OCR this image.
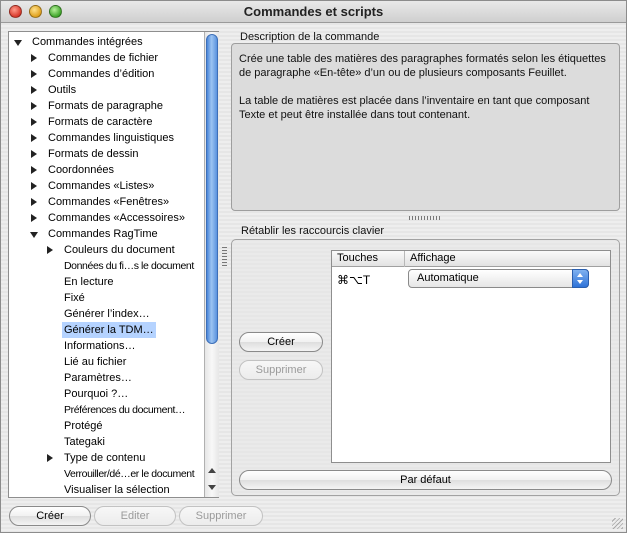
Commandes et scripts
Commandes intégrées
Commandes de fichier
Commandes d’édition
Outils
Formats de paragraphe
Formats de caractère
Commandes linguistiques
Formats de dessin
Coordonnées
Commandes «Listes»
Commandes «Fenêtres»
Commandes «Accessoires»
Commandes RagTime
Couleurs du document
Données du fi…s le document
En lecture
Fixé
Générer l’index…
Générer la TDM…
Informations…
Lié au fichier
Paramètres…
Pourquoi ?…
Préférences du document…
Protégé
Tategaki
Type de contenu
Verrouiller/dé…er le document
Visualiser la sélection
Description de la commande

Crée une table des matières des paragraphes formatés selon les étiquettes de paragraphe «En-tête» d’un ou de plusieurs composants Feuillet.

La table de matières est placée dans l’inventaire en tant que composant Texte et peut être installée dans tout contenant.

Rétablir les raccourcis clavier
Touches	Affichage
⌘⌥T	Automatique
Créer
Supprimer
Par défaut
Créer	Editer	Supprimer
